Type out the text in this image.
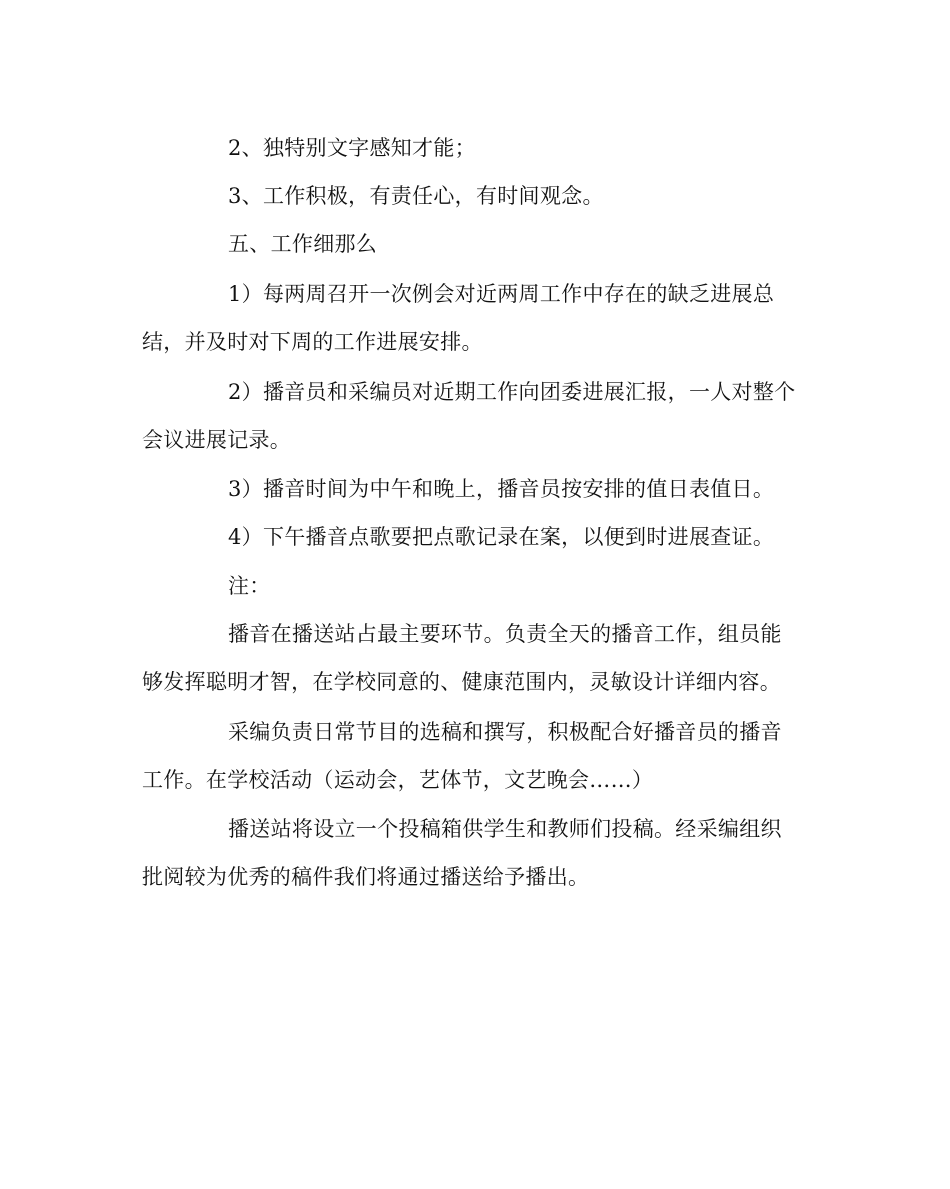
2、独特别文字感知才能；
3、工作积极，有责任心，有时间观念。
五、工作细那么
1）每两周召开一次例会对近两周工作中存在的缺乏进展总
结，并及时对下周的工作进展安排。
2）播音员和采编员对近期工作向团委进展汇报，一人对整个
会议进展记录。
3）播音时间为中午和晚上，播音员按安排的值日表值日。
4）下午播音点歌要把点歌记录在案，以便到时进展查证。
注：
播音在播送站占最主要环节。负责全天的播音工作，组员能
够发挥聪明才智，在学校同意的、健康范围内，灵敏设计详细内容。
采编负责日常节目的选稿和撰写，积极配合好播音员的播音
工作。在学校活动（运动会，艺体节，文艺晚会……）
播送站将设立一个投稿箱供学生和教师们投稿。经采编组织
批阅较为优秀的稿件我们将通过播送给予播出。
